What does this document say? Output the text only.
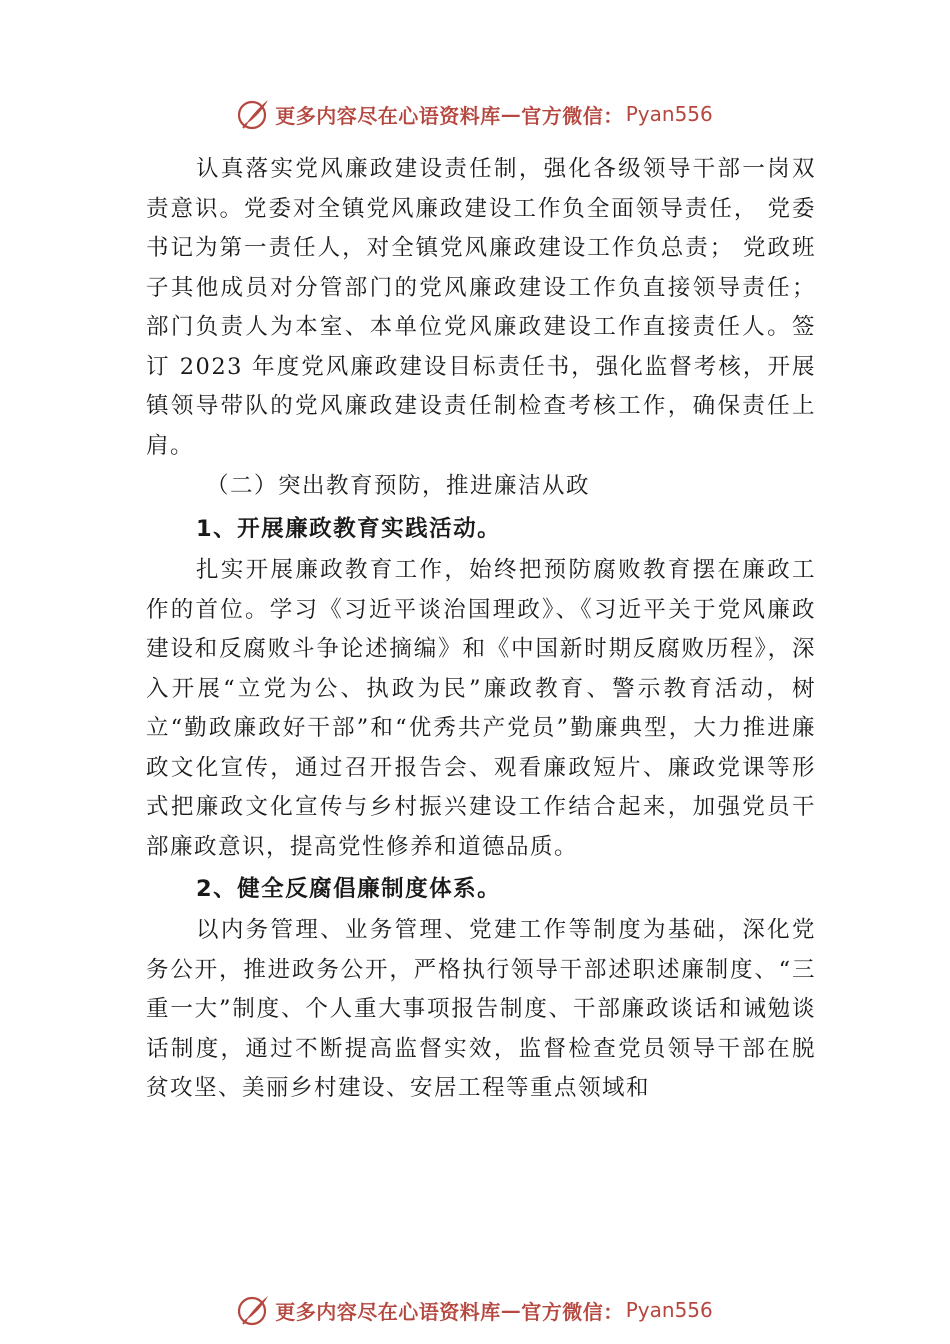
更多内容尽在心语资料库 — 官方微信： Pyan556

认真落实党风廉政建设责任制，强化各级领导干部一岗双责意识。党委对全镇党风廉政建设工作负全面领导责任， 党委书记为第一责任人，对全镇党风廉政建设工作负总责； 党政班子其他成员对分管部门的党风廉政建设工作负直接领导责任；部门负责人为本室、本单位党风廉政建设工作直接责任人。签订 2023 年度党风廉政建设目标责任书，强化监督考核，开展镇领导带队的党风廉政建设责任制检查考核工作，确保责任上肩。

（二）突出教育预防，推进廉洁从政

1、开展廉政教育实践活动。

扎实开展廉政教育工作，始终把预防腐败教育摆在廉政工作的首位。学习《习近平谈治国理政》、《习近平关于党风廉政建设和反腐败斗争论述摘编》和《中国新时期反腐败历程》，深入开展“立党为公、执政为民”廉政教育、警示教育活动，树立“勤政廉政好干部”和“优秀共产党员”勤廉典型，大力推进廉政文化宣传，通过召开报告会、观看廉政短片、廉政党课等形式把廉政文化宣传与乡村振兴建设工作结合起来，加强党员干部廉政意识，提高党性修养和道德品质。

2、健全反腐倡廉制度体系。

以内务管理、业务管理、党建工作等制度为基础，深化党务公开，推进政务公开，严格执行领导干部述职述廉制度、“三重一大”制度、个人重大事项报告制度、干部廉政谈话和诫勉谈话制度，通过不断提高监督实效，监督检查党员领导干部在脱贫攻坚、美丽乡村建设、安居工程等重点领域和

更多内容尽在心语资料库 — 官方微信： Pyan556
